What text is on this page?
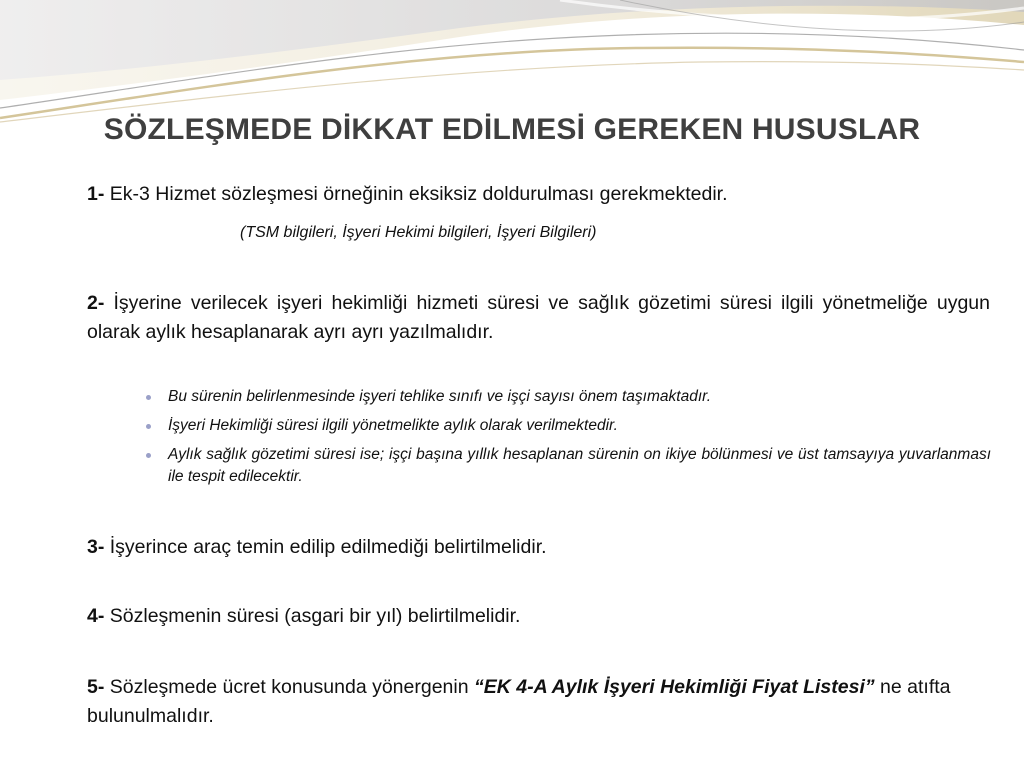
SÖZLEŞMEDE DİKKAT EDİLMESİ GEREKEN HUSUSLAR
1- Ek-3 Hizmet sözleşmesi örneğinin eksiksiz doldurulması gerekmektedir.
(TSM bilgileri, İşyeri Hekimi bilgileri, İşyeri Bilgileri)
2- İşyerine verilecek işyeri hekimliği hizmeti süresi ve sağlık gözetimi süresi ilgili yönetmeliğe uygun olarak aylık hesaplanarak ayrı ayrı yazılmalıdır.
Bu sürenin belirlenmesinde işyeri tehlike sınıfı ve işçi sayısı önem taşımaktadır.
İşyeri Hekimliği süresi ilgili yönetmelikte aylık olarak verilmektedir.
Aylık sağlık gözetimi süresi ise; işçi başına yıllık hesaplanan sürenin on ikiye bölünmesi ve üst tamsayıya yuvarlanması ile tespit edilecektir.
3- İşyerince araç temin edilip edilmediği belirtilmelidir.
4- Sözleşmenin süresi (asgari bir yıl) belirtilmelidir.
5- Sözleşmede ücret konusunda yönergenin “EK 4-A Aylık İşyeri Hekimliği Fiyat Listesi” ne atıfta bulunulmalıdır.
